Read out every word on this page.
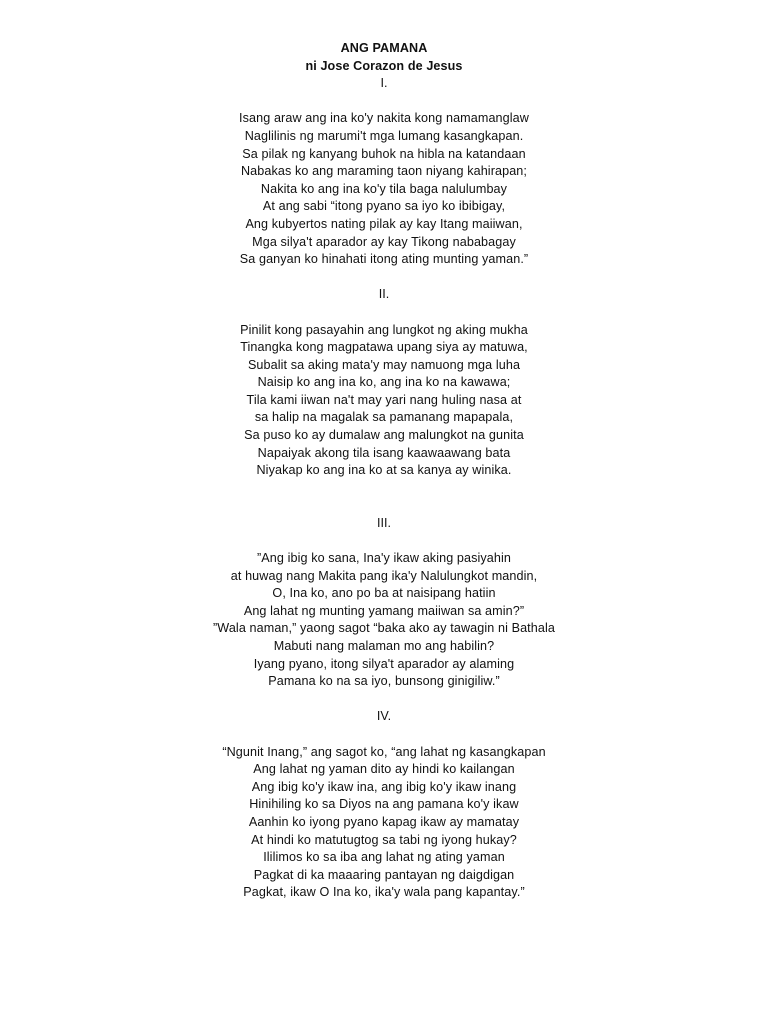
ANG PAMANA
ni Jose Corazon de Jesus
I.
Isang araw ang ina ko'y nakita kong namamanglaw
Naglilinis ng marumi't mga lumang kasangkapan.
Sa pilak ng kanyang buhok na hibla na katandaan
Nabakas ko ang maraming taon niyang kahirapan;
Nakita ko ang ina ko'y tila baga nalulumbay
At ang sabi “itong pyano sa iyo ko ibibigay,
Ang kubyertos nating pilak ay kay Itang maiiwan,
Mga silya't aparador ay kay Tikong nababagay
Sa ganyan ko hinahati itong ating munting yaman.”
II.
Pinilit kong pasayahin ang lungkot ng aking mukha
Tinangka kong magpatawa upang siya ay matuwa,
Subalit sa aking mata'y may namuong mga luha
Naisip ko ang ina ko, ang ina ko na kawawa;
Tila kami iiwan na't may yari nang huling nasa at
sa halip na magalak sa pamanang mapapala,
Sa puso ko ay dumalaw ang malungkot na gunita
Napaiyak akong tila isang kaawaawang bata
Niyakap ko ang ina ko at sa kanya ay winika.
III.
”Ang ibig ko sana, Ina'y ikaw aking pasiyahin
at huwag nang Makita pang ika'y Nalulungkot mandin,
O, Ina ko, ano po ba at naisipang hatiin
Ang lahat ng munting yamang maiiwan sa amin?”
”Wala naman,” yaong sagot “baka ako ay tawagin ni Bathala
Mabuti nang malaman mo ang habilin?
Iyang pyano, itong silya't aparador ay alaming
Pamana ko na sa iyo, bunsong ginigiliw.”
IV.
“Ngunit Inang,” ang sagot ko, “ang lahat ng kasangkapan
Ang lahat ng yaman dito ay hindi ko kailangan
Ang ibig ko'y ikaw ina, ang ibig ko'y ikaw inang
Hinihiling ko sa Diyos na ang pamana ko'y ikaw
Aanhin ko iyong pyano kapag ikaw ay mamatay
At hindi ko matutugtog sa tabi ng iyong hukay?
Ililimos ko sa iba ang lahat ng ating yaman
Pagkat di ka maaaring pantayan ng daigdigan
Pagkat, ikaw O Ina ko, ika'y wala pang kapantay.”
